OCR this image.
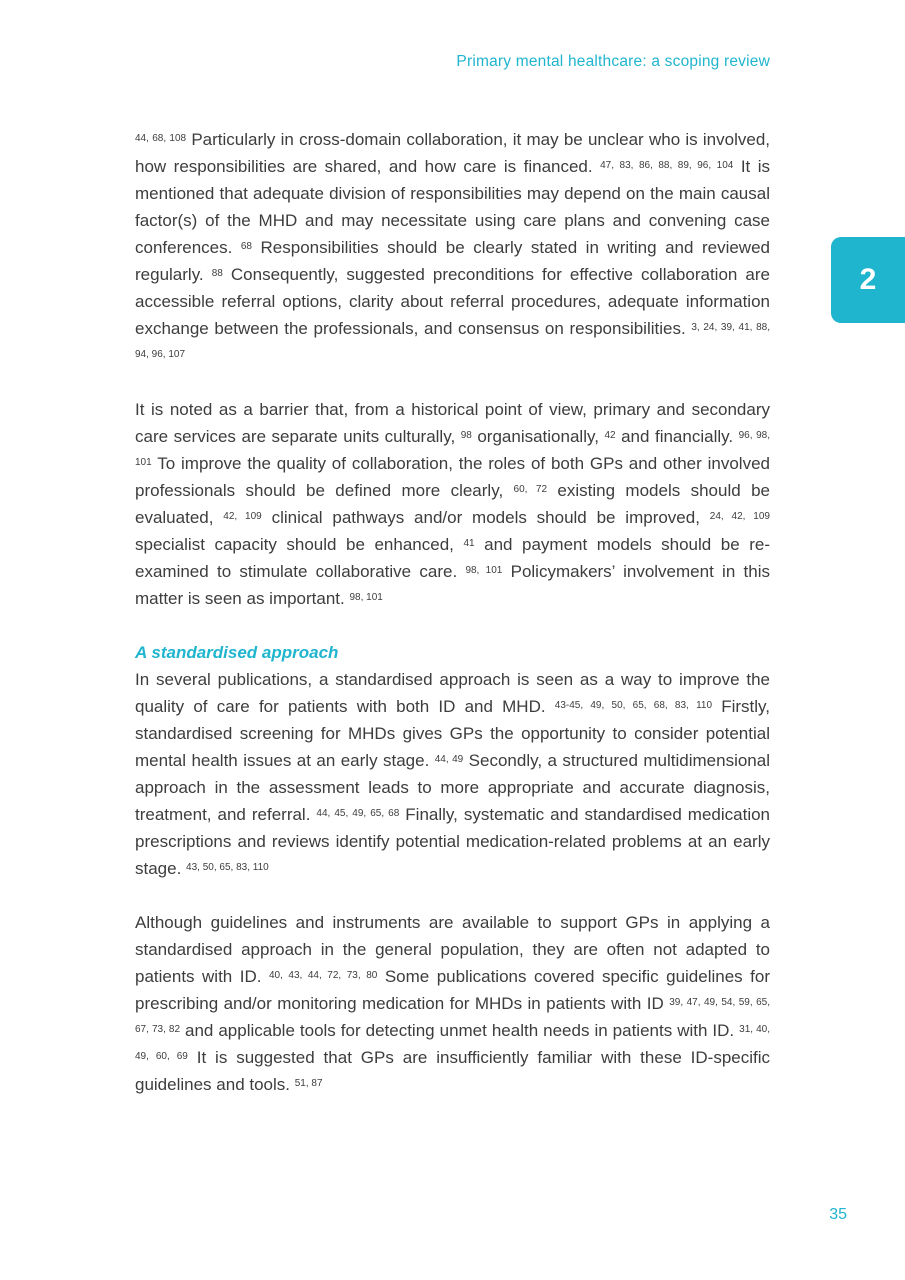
Primary mental healthcare: a scoping review
2

$^{44, 68, 108}$ Particularly in cross-domain collaboration, it may be unclear who is involved, how responsibilities are shared, and how care is financed. $^{47, 83, 86, 88, 89, 96, 104}$ It is mentioned that adequate division of responsibilities may depend on the main causal factor(s) of the MHD and may necessitate using care plans and convening case conferences. $^{68}$ Responsibilities should be clearly stated in writing and reviewed regularly. $^{88}$ Consequently, suggested preconditions for effective collaboration are accessible referral options, clarity about referral procedures, adequate information exchange between the professionals, and consensus on responsibilities. $^{3, 24, 39, 41, 88, 94, 96, 107}$

It is noted as a barrier that, from a historical point of view, primary and secondary care services are separate units culturally, $^{98}$ organisationally, $^{42}$ and financially. $^{96, 98, 101}$ To improve the quality of collaboration, the roles of both GPs and other involved professionals should be defined more clearly, $^{60, 72}$ existing models should be evaluated, $^{42, 109}$ clinical pathways and/or models should be improved, $^{24, 42, 109}$ specialist capacity should be enhanced, $^{41}$ and payment models should be re-examined to stimulate collaborative care. $^{98, 101}$ Policymakers’ involvement in this matter is seen as important. $^{98, 101}$

A standardised approach

In several publications, a standardised approach is seen as a way to improve the quality of care for patients with both ID and MHD. $^{43-45, 49, 50, 65, 68, 83, 110}$ Firstly, standardised screening for MHDs gives GPs the opportunity to consider potential mental health issues at an early stage. $^{44, 49}$ Secondly, a structured multidimensional approach in the assessment leads to more appropriate and accurate diagnosis, treatment, and referral. $^{44, 45, 49, 65, 68}$ Finally, systematic and standardised medication prescriptions and reviews identify potential medication-related problems at an early stage. $^{43, 50, 65, 83, 110}$

Although guidelines and instruments are available to support GPs in applying a standardised approach in the general population, they are often not adapted to patients with ID. $^{40, 43, 44, 72, 73, 80}$ Some publications covered specific guidelines for prescribing and/or monitoring medication for MHDs in patients with ID $^{39, 47, 49, 54, 59, 65, 67, 73, 82}$ and applicable tools for detecting unmet health needs in patients with ID. $^{31, 40, 49, 60, 69}$ It is suggested that GPs are insufficiently familiar with these ID-specific guidelines and tools. $^{51, 87}$

35
